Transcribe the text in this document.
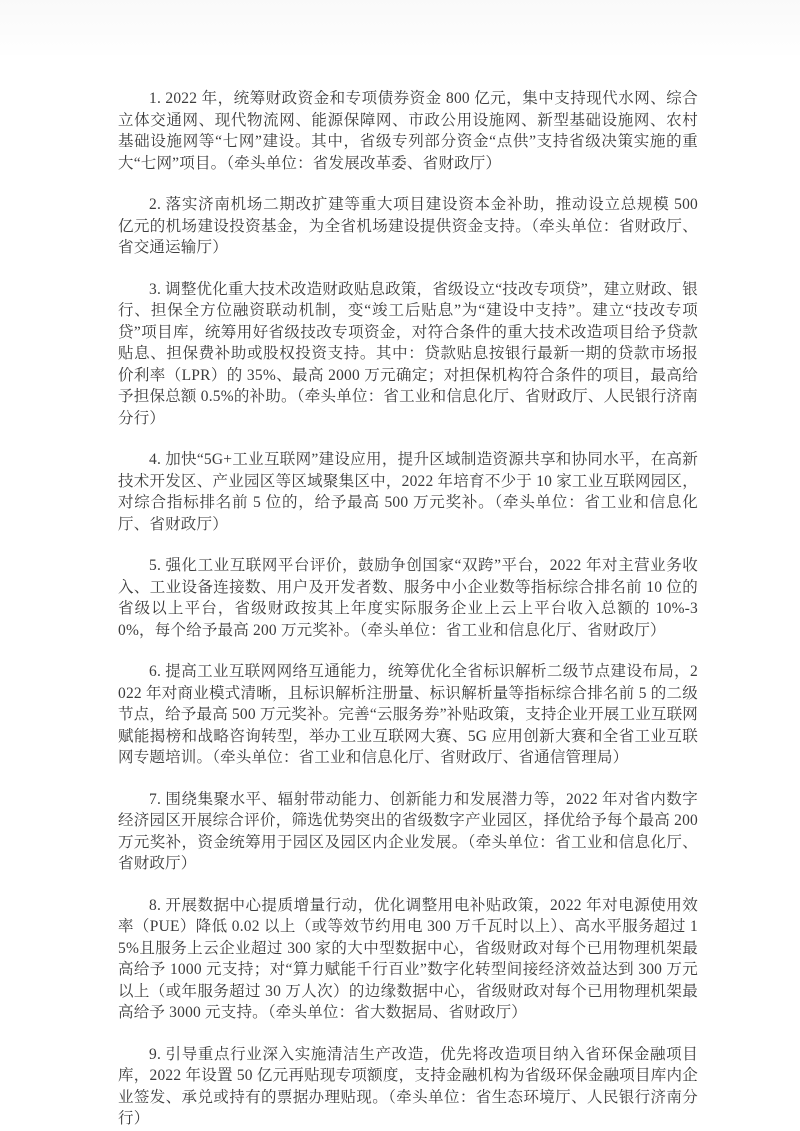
1. 2022 年，统筹财政资金和专项债券资金 800 亿元，集中支持现代水网、综合立体交通网、现代物流网、能源保障网、市政公用设施网、新型基础设施网、农村基础设施网等“七网”建设。其中，省级专列部分资金“点供”支持省级决策实施的重大“七网”项目。（牵头单位：省发展改革委、省财政厅）

2. 落实济南机场二期改扩建等重大项目建设资本金补助，推动设立总规模 500 亿元的机场建设投资基金，为全省机场建设提供资金支持。（牵头单位：省财政厅、省交通运输厅）

3. 调整优化重大技术改造财政贴息政策，省级设立“技改专项贷”，建立财政、银行、担保全方位融资联动机制，变“竣工后贴息”为“建设中支持”。建立“技改专项贷”项目库，统筹用好省级技改专项资金，对符合条件的重大技术改造项目给予贷款贴息、担保费补助或股权投资支持。其中：贷款贴息按银行最新一期的贷款市场报价利率（LPR）的 35%、最高 2000 万元确定；对担保机构符合条件的项目，最高给予担保总额 0.5%的补助。（牵头单位：省工业和信息化厅、省财政厅、人民银行济南分行）

4. 加快“5G+工业互联网”建设应用，提升区域制造资源共享和协同水平，在高新技术开发区、产业园区等区域聚集区中，2022 年培育不少于 10 家工业互联网园区，对综合指标排名前 5 位的，给予最高 500 万元奖补。（牵头单位：省工业和信息化厅、省财政厅）

5. 强化工业互联网平台评价，鼓励争创国家“双跨”平台，2022 年对主营业务收入、工业设备连接数、用户及开发者数、服务中小企业数等指标综合排名前 10 位的省级以上平台，省级财政按其上年度实际服务企业上云上平台收入总额的 10%-30%，每个给予最高 200 万元奖补。（牵头单位：省工业和信息化厅、省财政厅）

6. 提高工业互联网网络互通能力，统筹优化全省标识解析二级节点建设布局，2022 年对商业模式清晰，且标识解析注册量、标识解析量等指标综合排名前 5 的二级节点，给予最高 500 万元奖补。完善“云服务券”补贴政策，支持企业开展工业互联网赋能揭榜和战略咨询转型，举办工业互联网大赛、5G 应用创新大赛和全省工业互联网专题培训。（牵头单位：省工业和信息化厅、省财政厅、省通信管理局）

7. 围绕集聚水平、辐射带动能力、创新能力和发展潜力等，2022 年对省内数字经济园区开展综合评价，筛选优势突出的省级数字产业园区，择优给予每个最高 200 万元奖补，资金统筹用于园区及园区内企业发展。（牵头单位：省工业和信息化厅、省财政厅）

8. 开展数据中心提质增量行动，优化调整用电补贴政策，2022 年对电源使用效率（PUE）降低 0.02 以上（或等效节约用电 300 万千瓦时以上）、高水平服务超过 15%且服务上云企业超过 300 家的大中型数据中心，省级财政对每个已用物理机架最高给予 1000 元支持；对“算力赋能千行百业”数字化转型间接经济效益达到 300 万元以上（或年服务超过 30 万人次）的边缘数据中心，省级财政对每个已用物理机架最高给予 3000 元支持。（牵头单位：省大数据局、省财政厅）

9. 引导重点行业深入实施清洁生产改造，优先将改造项目纳入省环保金融项目库，2022 年设置 50 亿元再贴现专项额度，支持金融机构为省级环保金融项目库内企业签发、承兑或持有的票据办理贴现。（牵头单位：省生态环境厅、人民银行济南分行）
